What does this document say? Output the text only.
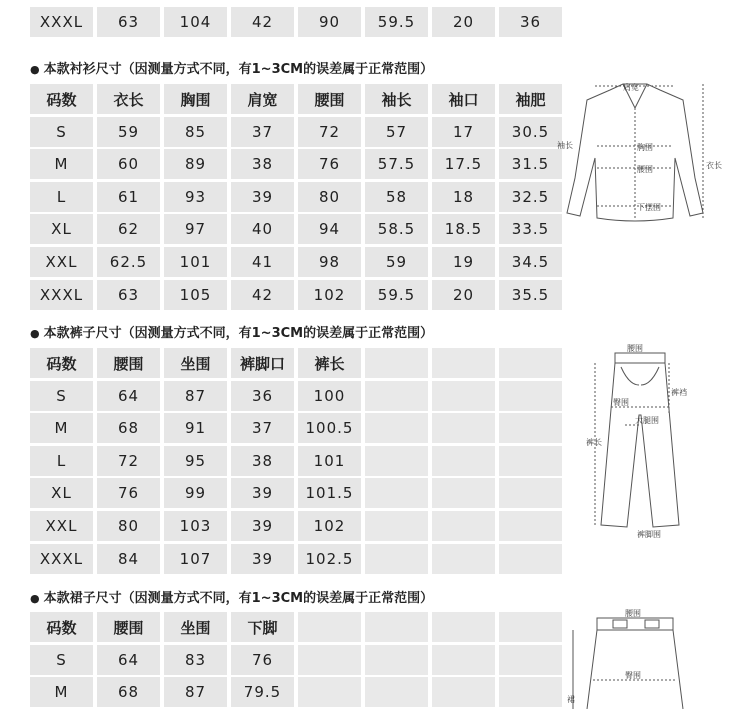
XXXL	63	104	42	90	59.5	20	36
● 本款衬衫尺寸（因测量方式不同，有1~3CM的误差属于正常范围）
码数	衣长	胸围	肩宽	腰围	袖长	袖口	袖肥
S	59	85	37	72	57	17	30.5
M	60	89	38	76	57.5	17.5	31.5
L	61	93	39	80	58	18	32.5
XL	62	97	40	94	58.5	18.5	33.5
XXL	62.5	101	41	98	59	19	34.5
XXXL	63	105	42	102	59.5	20	35.5
肩宽
袖长	胸围
腰围
下摆围
衣长
● 本款裤子尺寸（因测量方式不同，有1~3CM的误差属于正常范围）
码数	腰围	坐围	裤脚口	裤长
S	64	87	36	100
M	68	91	37	100.5
L	72	95	38	101
XL	76	99	39	101.5
XXL	80	103	39	102
XXXL	84	107	39	102.5
腰围
裤裆
臀围
大腿围
裤长
裤脚围
● 本款裙子尺寸（因测量方式不同，有1~3CM的误差属于正常范围）
码数	腰围	坐围	下脚
S	64	83	76
M	68	87	79.5
腰围
臀围
裙
